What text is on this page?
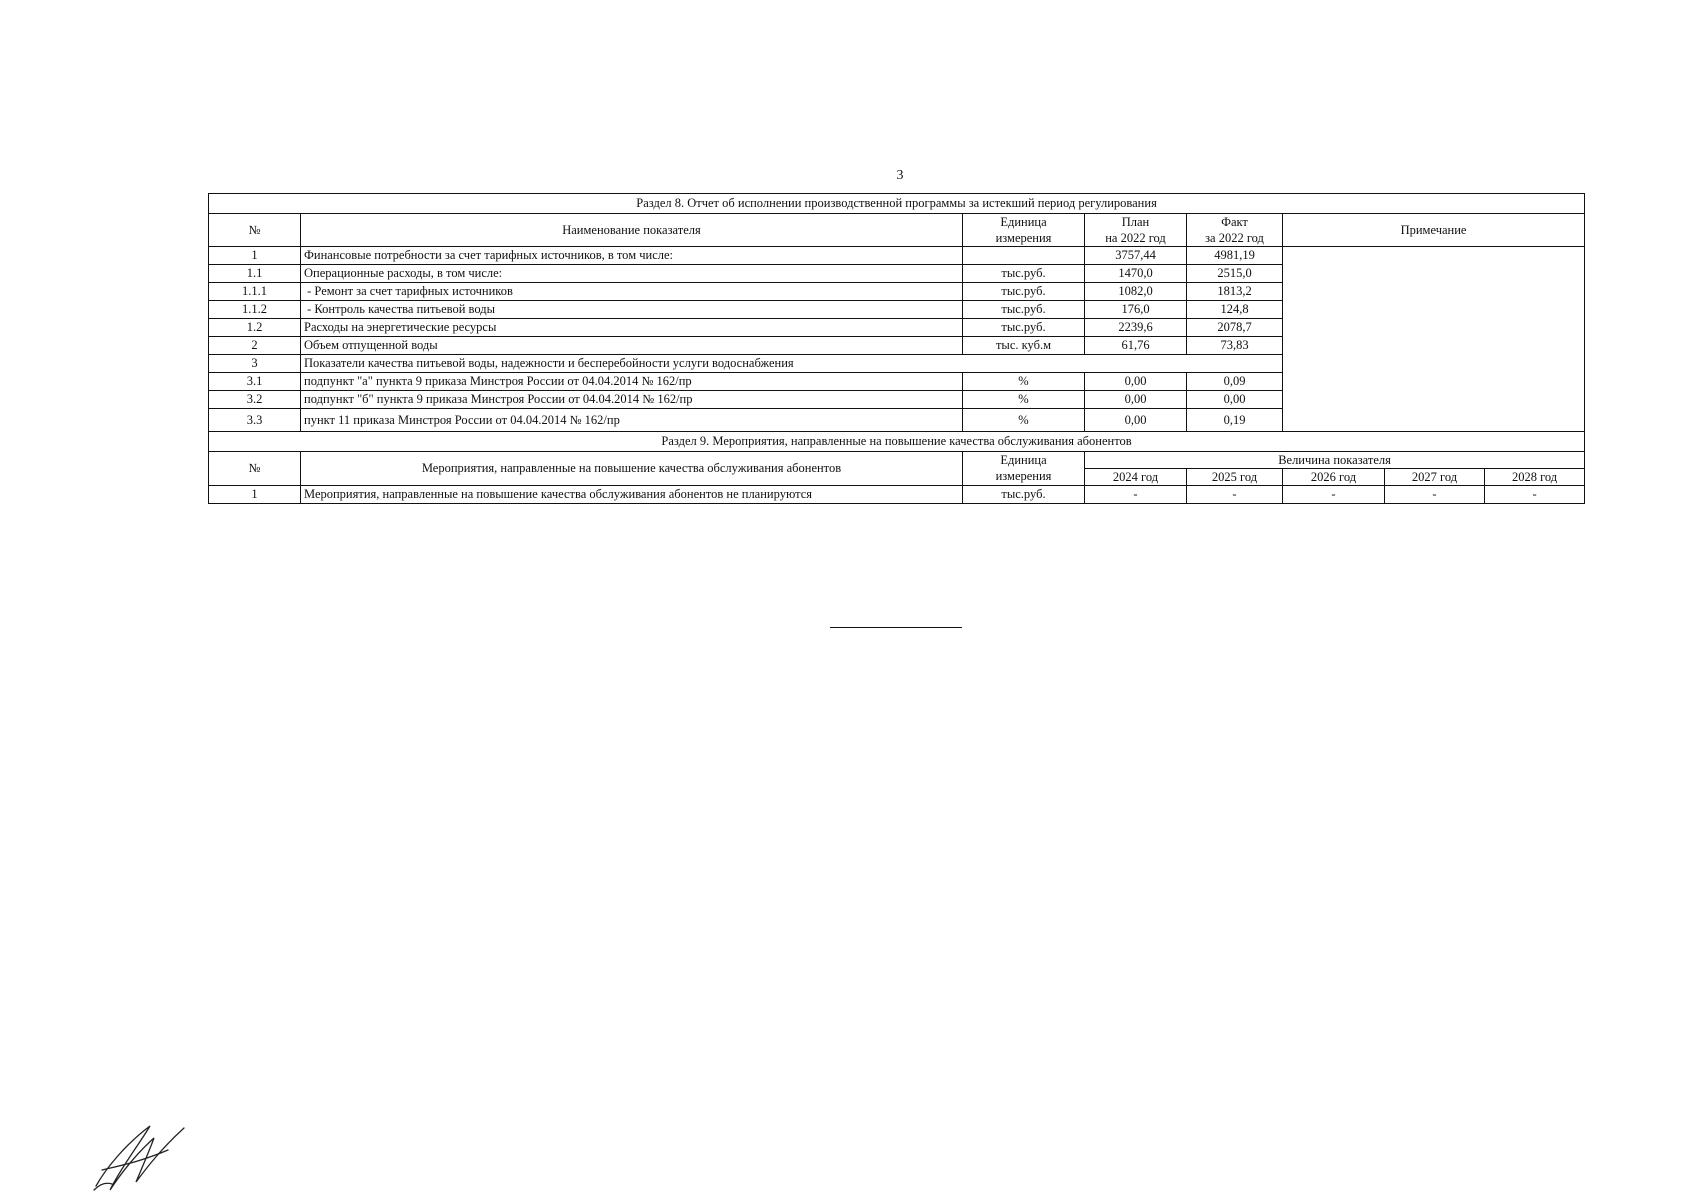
3
Раздел 8. Отчет об исполнении производственной программы за истекший период регулирования							
№	Наименование показателя	Единица	План	Факт	Примечание		
		измерения	на 2022 год	за 2022 год			
1	Финансовые потребности за счет тарифных источников, в том числе:		3757,44	4981,19			
1.1	Операционные расходы, в том числе:	тыс.руб.	1470,0	2515,0			
1.1.1	- Ремонт за счет тарифных источников	тыс.руб.	1082,0	1813,2			
1.1.2	- Контроль качества питьевой воды	тыс.руб.	176,0	124,8			
1.2	Расходы на энергетические ресурсы	тыс.руб.	2239,6	2078,7			
2	Объем отпущенной воды	тыс. куб.м	61,76	73,83			
3	Показатели качества питьевой воды, надежности и бесперебойности услуги водоснабжения						
3.1	подпункт "а" пункта 9 приказа Минстроя России от 04.04.2014 № 162/пр	%	0,00	0,09			
3.2	подпункт "б" пункта 9 приказа Минстроя России от 04.04.2014 № 162/пр	%	0,00	0,00			
3.3	пункт 11 приказа Минстроя России от 04.04.2014 № 162/пр	%	0,00	0,19			
Раздел 9. Мероприятия, направленные на повышение качества обслуживания абонентов							
№	Мероприятия, направленные на повышение качества обслуживания абонентов	Единица	Величина показателя				
		измерения	2024 год	2025 год	2026 год	2027 год	2028 год
1	Мероприятия, направленные на повышение качества обслуживания абонентов не планируются	тыс.руб.	-	-	-	-	-
